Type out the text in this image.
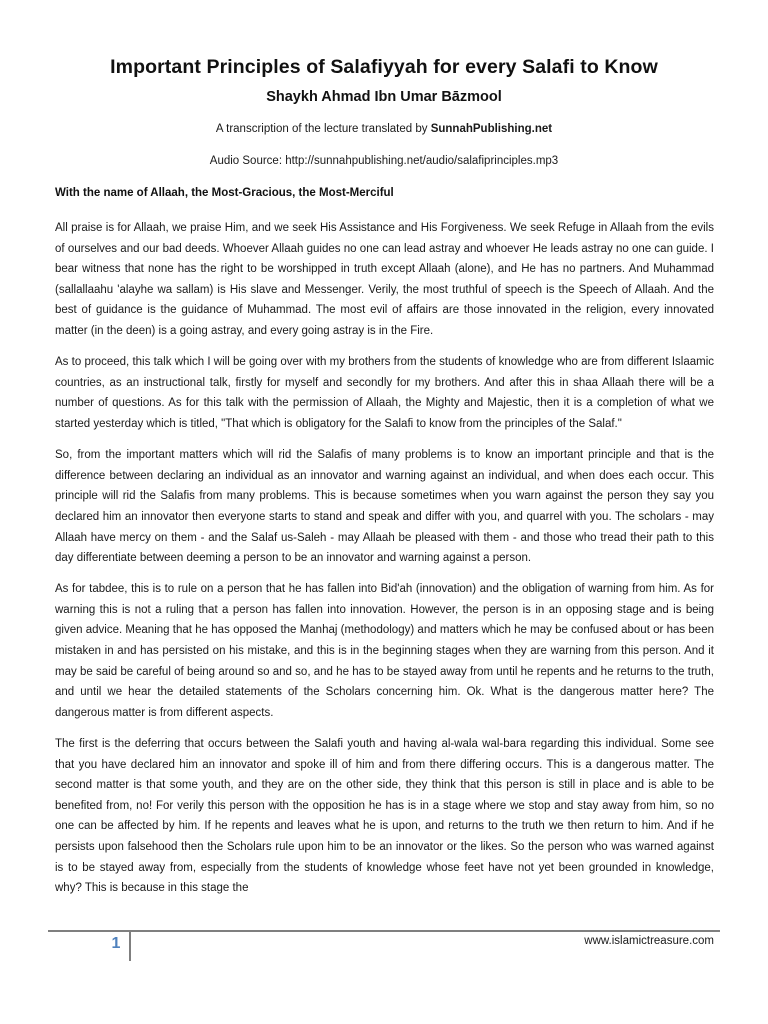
Important Principles of Salafiyyah for every Salafi to Know
Shaykh Ahmad Ibn Umar Bāzmool
A transcription of the lecture translated by SunnahPublishing.net
Audio Source: http://sunnahpublishing.net/audio/salafiprinciples.mp3
With the name of Allaah, the Most-Gracious, the Most-Merciful

All praise is for Allaah, we praise Him, and we seek His Assistance and His Forgiveness. We seek Refuge in Allaah from the evils of ourselves and our bad deeds. Whoever Allaah guides no one can lead astray and whoever He leads astray no one can guide. I bear witness that none has the right to be worshipped in truth except Allaah (alone), and He has no partners. And Muhammad (sallallaahu 'alayhe wa sallam) is His slave and Messenger. Verily, the most truthful of speech is the Speech of Allaah. And the best of guidance is the guidance of Muhammad. The most evil of affairs are those innovated in the religion, every innovated matter (in the deen) is a going astray, and every going astray is in the Fire.

As to proceed, this talk which I will be going over with my brothers from the students of knowledge who are from different Islaamic countries, as an instructional talk, firstly for myself and secondly for my brothers. And after this in shaa Allaah there will be a number of questions. As for this talk with the permission of Allaah, the Mighty and Majestic, then it is a completion of what we started yesterday which is titled, "That which is obligatory for the Salafi to know from the principles of the Salaf."

So, from the important matters which will rid the Salafis of many problems is to know an important principle and that is the difference between declaring an individual as an innovator and warning against an individual, and when does each occur. This principle will rid the Salafis from many problems. This is because sometimes when you warn against the person they say you declared him an innovator then everyone starts to stand and speak and differ with you, and quarrel with you. The scholars - may Allaah have mercy on them - and the Salaf us-Saleh - may Allaah be pleased with them - and those who tread their path to this day differentiate between deeming a person to be an innovator and warning against a person.

As for tabdee, this is to rule on a person that he has fallen into Bid'ah (innovation) and the obligation of warning from him. As for warning this is not a ruling that a person has fallen into innovation. However, the person is in an opposing stage and is being given advice. Meaning that he has opposed the Manhaj (methodology) and matters which he may be confused about or has been mistaken in and has persisted on his mistake, and this is in the beginning stages when they are warning from this person. And it may be said be careful of being around so and so, and he has to be stayed away from until he repents and he returns to the truth, and until we hear the detailed statements of the Scholars concerning him. Ok. What is the dangerous matter here? The dangerous matter is from different aspects.

The first is the deferring that occurs between the Salafi youth and having al-wala wal-bara regarding this individual. Some see that you have declared him an innovator and spoke ill of him and from there differing occurs. This is a dangerous matter. The second matter is that some youth, and they are on the other side, they think that this person is still in place and is able to be benefited from, no! For verily this person with the opposition he has is in a stage where we stop and stay away from him, so no one can be affected by him. If he repents and leaves what he is upon, and returns to the truth we then return to him. And if he persists upon falsehood then the Scholars rule upon him to be an innovator or the likes. So the person who was warned against is to be stayed away from, especially from the students of knowledge whose feet have not yet been grounded in knowledge, why? This is because in this stage the

1	www.islamictreasure.com
